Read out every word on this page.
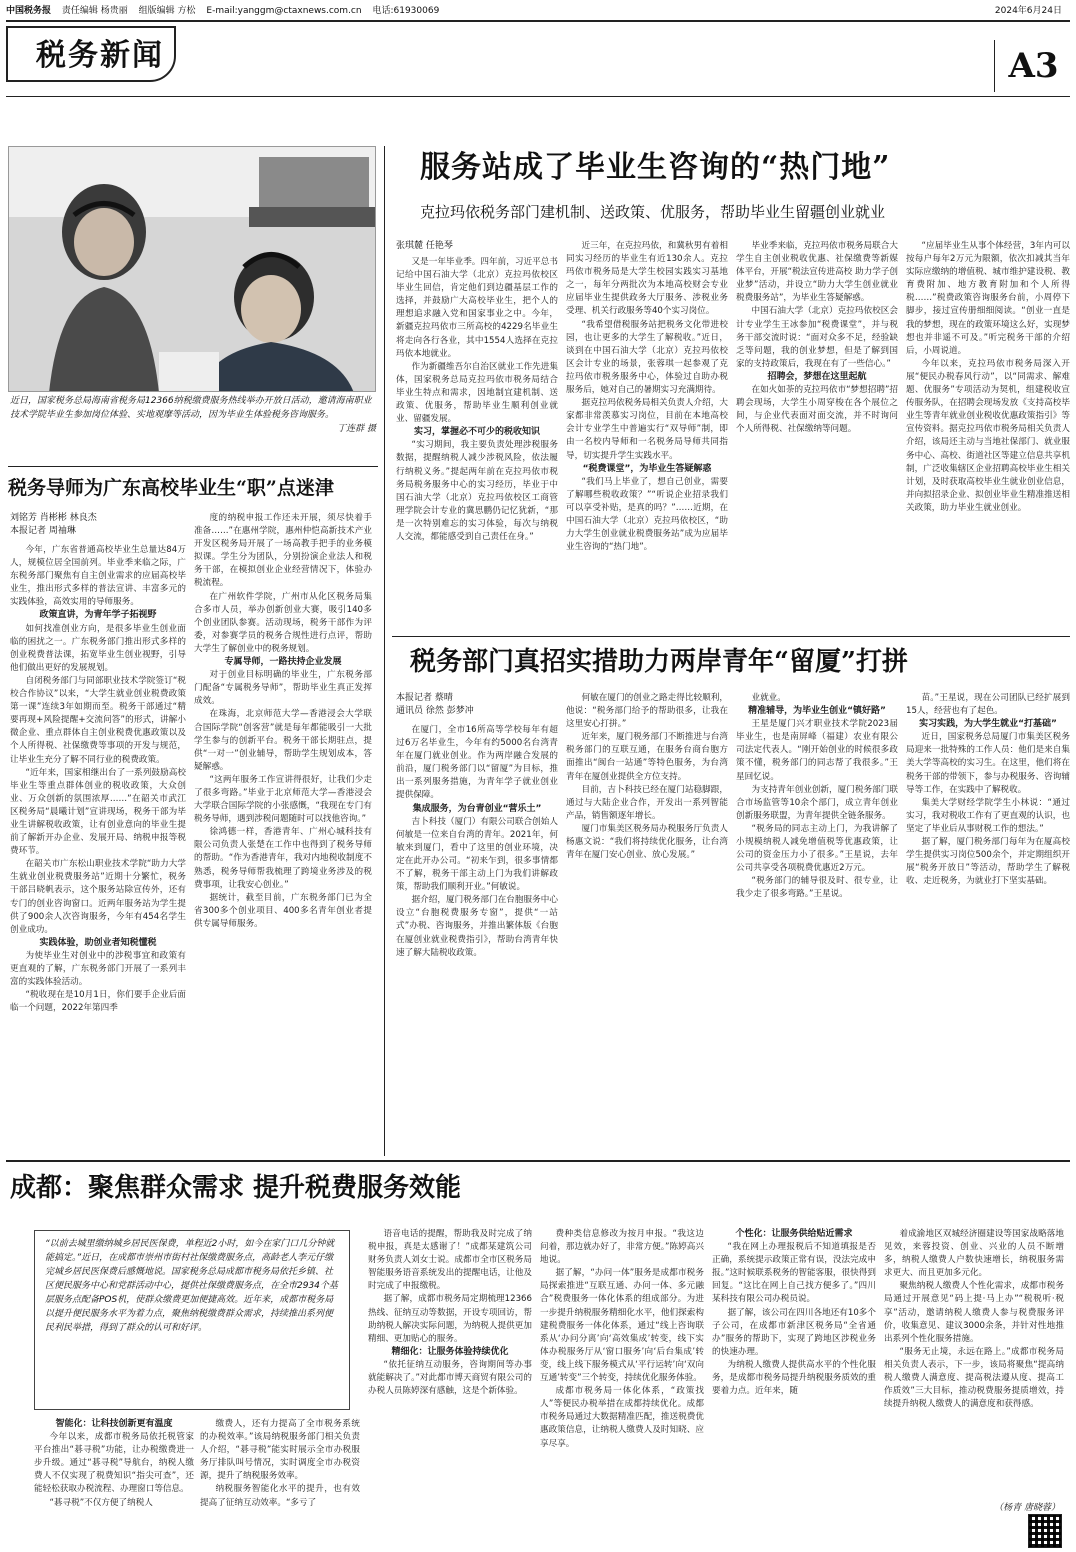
中国税务报 责任编辑 杨贵丽 组版编辑 方松 E-mail:yanggm@ctaxnews.com.cn 电话:61930069	2024年6月24日
税务新闻	A3
近日，国家税务总局海南省税务局12366纳税缴费服务热线举办开放日活动，邀请海南职业技术学院毕业生参加岗位体验、实地观摩等活动，因为毕业生体验税务咨询服务。
丁连群 摄
服务站成了毕业生咨询的“热门地”
克拉玛依税务部门建机制、送政策、优服务，帮助毕业生留疆创业就业
张琪麓 任艳琴

又是一年毕业季。四年前，习近平总书记给中国石油大学（北京）克拉玛依校区毕业生回信，肯定他们到边疆基层工作的选择，并鼓励广大高校毕业生，把个人的理想追求融入党和国家事业之中。今年，新疆克拉玛依市三所高校的4229名毕业生将走向各行各业，其中1554人选择在克拉玛依本地就业。

作为新疆维吾尔自治区就业工作先进集体，国家税务总局克拉玛依市税务局结合毕业生特点和需求，因地制宜建机制、送政策、优服务，帮助毕业生顺利创业就业、留疆发展。

实习，掌握必不可少的税收知识

“实习期间，我主要负责处理涉税服务数据，提醒纳税人减少涉税风险，依法履行纳税义务。”提起两年前在克拉玛依市税务局税务服务中心的实习经历，毕业于中国石油大学（北京）克拉玛依校区工商管理学院会计专业的冀思鹏仍记忆犹新，“那是一次特别难忘的实习体验，每次与纳税人交流，都能感受到自己责任在身。”

近三年，在克拉玛依，和冀秋男有着相同实习经历的毕业生有近130余人。克拉玛依市税务局是大学生校园实践实习基地之一，每年分两批次为本地高校财会专业应届毕业生提供政务大厅服务、涉税业务受理、机关行政服务等40个实习岗位。

“我希望借税服务站把税务文化带进校园，也让更多的大学生了解税收。”近日，谈到在中国石油大学（北京）克拉玛依校区会计专业的场景，张蓉琪一起参观了克拉玛依市税务服务中心，体验过自助办税服务后，她对自己的暑期实习充满期待。

据克拉玛依税务局相关负责人介绍，大家都非常羡慕实习岗位，目前在本地高校会计专业学生中普遍实行“双导师”制，即由一名校内导师和一名税务局导师共同指导，切实提升学生实践水平。

“税费课堂”，为毕业生答疑解惑

“我们马上毕业了，想自己创业，需要了解哪些税收政策？”“听说企业招录我们可以享受补贴，是真的吗？”……近期，在中国石油大学（北京）克拉玛依校区，“助力大学生创业就业税费服务站”成为应届毕业生咨询的“热门地”。

毕业季来临，克拉玛依市税务局联合大学生自主创业税收优惠、社保缴费等新媒体平台，开展“税法宣传进高校 助力学子创业梦”活动，并设立“助力大学生创业就业税费服务站”，为毕业生答疑解惑。

中国石油大学（北京）克拉玛依校区会计专业学生王冰参加“税费课堂”，并与税务干部交流时说：“面对众多不足，经验缺乏等问题，我的创业梦想，但是了解到国家的支持政策后，我现在有了一些信心。”

招聘会，梦想在这里起航

在如火如荼的克拉玛依市“梦想招聘”招聘会现场，大学生小周穿梭在各个展位之间，与企业代表面对面交流，并不时询问个人所得税、社保缴纳等问题。

“应届毕业生从事个体经营，3年内可以按每户每年2万元为限额，依次扣减其当年实际应缴纳的增值税、城市维护建设税、教育费附加、地方教育附加和个人所得税……”税费政策咨询服务台前，小周停下脚步，接过宣传册细细阅读。“创业一直是我的梦想，现在的政策环境这么好，实现梦想也并非遥不可及。”听完税务干部的介绍后，小周说道。

今年以来，克拉玛依市税务局深入开展“便民办税春风行动”，以“同需求、解难题、优服务”专项活动为契机，组建税收宣传服务队，在招聘会现场发放《支持高校毕业生等青年就业创业税收优惠政策指引》等宣传资料。据克拉玛依市税务局相关负责人介绍，该局还主动与当地社保部门、就业服务中心、高校、街道社区等建立信息共享机制，广泛收集辖区企业招聘高校毕业生相关计划，及时获取高校毕业生就业创业信息，并向拟招录企业、拟创业毕业生精准推送相关政策，助力毕业生就业创业。

税务导师为广东高校毕业生“职”点迷津
刘铭芳 肖彬彬 林良杰
本报记者 周袖琳

今年，广东省普通高校毕业生总量达84万人，规模位居全国前列。毕业季来临之际，广东税务部门聚焦有自主创业需求的应届高校毕业生，推出形式多样的普法宣讲、丰富多元的实践体验，高效实用的导师服务。

政策直讲，为青年学子拓视野

如何找准创业方向，是很多毕业生创业面临的困扰之一。广东税务部门推出形式多样的创业税费普法课，拓宽毕业生创业视野，引导他们做出更好的发展规划。

自闭税务部门与同部职业技术学院签订“税校合作协议”以来，“大学生就业创业税费政策第一课”连续3年如期而至。税务干部通过“精要再现+风险提醒+交流问答”的形式，讲解小微企业、重点群体自主创业税费优惠政策以及个人所得税、社保缴费等事项的开发与规范，让毕业生充分了解不同行业的税费政策。

“近年来，国家相继出台了一系列鼓励高校毕业生等重点群体创业的税收政策，大众创业、万众创新的氛围浓厚……”在韶关市武江区税务局“晨曦计划”宣讲现场，税务干部为毕业生讲解税收政策，让有创业意向的毕业生提前了解新开办企业、发展开局、纳税申报等税费环节。

在韶关市广东松山职业技术学院“助力大学生就业创业税费服务站”近期十分繁忙，税务干部吕晓帆表示，这个服务站除宣传外，还有专门的创业咨询窗口。近两年服务站为学生提供了900余人次咨询服务，今年有454名学生创业成功。

实践体验，助创业者知税懂税

为使毕业生对创业中的涉税事宜和政策有更直观的了解，广东税务部门开展了一系列丰富的实践体验活动。

“税收现在是10月1日，你们要手企业后面临一个问题，2022年第四季

度的纳税申报工作还未开展，须尽快着手准备……”在惠州学院，惠州仲恺高新技术产业开发区税务局开展了一场高教手把手的业务模拟课。学生分为团队，分别扮演企业法人和税务干部，在模拟创业企业经营情况下，体验办税流程。

在广州软件学院，广州市从化区税务局集合多市人员，举办创新创业大赛，吸引140多个创业团队参赛。活动现场，税务干部作为评委，对参赛学员的税务合规性进行点评，帮助大学生了解创业中的税务规划。

专属导师，一路扶持企业发展

对于创业目标明确的毕业生，广东税务部门配备“专属税务导师”，帮助毕业生真正发挥成效。

在珠海，北京师范大学—香港浸会大学联合国际学院“创客营”就是每年都能吸引一大批学生参与的创新平台。税务干部长期驻点，提供“一对一”创业辅导，帮助学生规划成本，答疑解惑。

“这两年服务工作宣讲得很好，让我们少走了很多弯路。”毕业于北京师范大学—香港浸会大学联合国际学院的小张感慨，“我现在专门有税务导师，遇到涉税问题随时可以找他咨询。”

徐鸿德一样，香港青年、广州心城科技有限公司负责人张楚在工作中也得到了税务导师的帮助。“作为香港青年，我对内地税收制度不熟悉，税务导师帮我梳理了跨境业务涉及的税费事项，让我安心创业。”

据统计，截至目前，广东税务部门已为全省300多个创业项目、400多名青年创业者提供专属导师服务。

税务部门真招实措助力两岸青年“留厦”打拼
本报记者 蔡晴
通讯员 徐然 彭梦冲

在厦门，全市16所高等学校每年有超过6万名毕业生，今年有约5000名台湾青年在厦门就业创业。作为两岸融合发展的前沿，厦门税务部门以“留厦”为目标，推出一系列服务措施，为青年学子就业创业提供保障。

集成服务，为台青创业“营乐土”

吉卜科技（厦门）有限公司联合创始人何敏是一位来自台湾的青年。2021年，何敏来到厦门，看中了这里的创业环境，决定在此开办公司。“初来乍到，很多事情都不了解，税务干部主动上门为我们讲解政策，帮助我们顺利开业。”何敏说。

据介绍，厦门税务部门在台胞服务中心设立“台胞税费服务专窗”，提供“一站式”办税、咨询服务，并推出繁体版《台胞在厦创业就业税费指引》，帮助台湾青年快速了解大陆税收政策。

何敏在厦门的创业之路走得比较顺利，他说：“税务部门给予的帮助很多，让我在这里安心打拼。”

近年来，厦门税务部门不断推进与台湾税务部门的互联互通，在服务台商台胞方面推出“闽台一站通”等特色服务，为台湾青年在厦创业提供全方位支持。

目前，吉卜科技已经在厦门站稳脚跟，通过与大陆企业合作，开发出一系列智能产品，销售额逐年增长。

厦门市集美区税务局办税服务厅负责人杨惠文说：“我们将持续优化服务，让台湾青年在厦门安心创业、放心发展。”

业就业。

精准辅导，为毕业生创业“镇好路”

王星是厦门兴才职业技术学院2023届毕业生，也是南屏峰（福建）农业有限公司法定代表人。“刚开始创业的时候很多政策不懂，税务部门的同志帮了我很多。”王星回忆说。

为支持青年创业创新，厦门税务部门联合市场监管等10余个部门，成立青年创业创新服务联盟，为青年提供全链条服务。

“税务局的同志主动上门，为我讲解了小规模纳税人减免增值税等优惠政策，让公司的资金压力小了很多。”王星说，去年公司共享受各项税费优惠近2万元。

“税务部门的辅导很及时、很专业，让我少走了很多弯路。”王星说。

苗。”王星说，现在公司团队已经扩展到15人，经营也有了起色。

实习实践，为大学生就业“打基础”

近日，国家税务总局厦门市集美区税务局迎来一批特殊的工作人员：他们是来自集美大学等高校的实习生。在这里，他们将在税务干部的带领下，参与办税服务、咨询辅导等工作，在实践中了解税收。

集美大学财经学院学生小林说：“通过实习，我对税收工作有了更直观的认识，也坚定了毕业后从事财税工作的想法。”

据了解，厦门税务部门每年为在厦高校学生提供实习岗位500余个，并定期组织开展“税务开放日”等活动，帮助学生了解税收、走近税务，为就业打下坚实基础。

成都：聚焦群众需求 提升税费服务效能
“以前去城里缴纳城乡居民医保费，单程近2小时，如今在家门口几分钟就能搞定。”近日，在成都市崇州市街村社保缴费服务点，高龄老人李元仔缴完城乡居民医保费后感慨地说。国家税务总局成都市税务局依托乡镇、社区便民服务中心和党群活动中心，提供社保缴费服务点，在全市2934个基层服务点配备POS机，使群众缴费更加便捷高效。近年来，成都市税务局以提升便民服务水平为着力点，聚焦纳税缴费群众需求，持续推出系列便民利民举措，得到了群众的认可和好评。

智能化：让科技创新更有温度

今年以来，成都市税务局依托税管家平台推出“碁寻税”功能，让办税缴费进一步升级。通过“碁寻税”导航台，纳税人缴费人不仅实现了税费知识“指尖可查”，还能轻松获取办税流程、办理窗口等信息。

“碁寻税”不仅方便了纳税人

缴费人，还有力提高了全市税务系统的办税效率。”该局纳税服务部门相关负责人介绍，“碁寻税”能实时展示全市办税服务厅排队叫号情况，实时调度全市办税资源，提升了纳税服务效率。

纳税服务智能化水平的提升，也有效提高了征纳互动效率。“多亏了

语音电话的提醒，帮助我及时完成了纳税申报，真是太感谢了！”成都某建筑公司财务负责人刘女士说。成都市全市区税务局智能服务语音系统发出的提醒电话，让他及时完成了申报缴税。

据了解，成都市税务局定期梳理12366热线、征纳互动等数据，开设专项回访，帮助纳税人解决实际问题，为纳税人提供更加精细、更加贴心的服务。

精细化：让服务体验持续优化

“依托征纳互动服务，咨询期间等办事就能解决了。”对此都市博天商贸有限公司的办税人员陈婷深有感触，这是个新体验。

费种类信息修改为按月申报。“我这边问着，那边就办好了，非常方便。”陈婷高兴地说。

据了解，“办问一体”服务是成都市税务局探索推进“互联互通、办问一体、多元融合”税费服务一体化体系的组成部分。为进一步提升纳税服务精细化水平，他们探索构建税费服务一体化体系，通过“线上咨询联系从‘办问分离’向‘高效集成’转变，线下实体办税服务厅从‘窗口服务’向‘后台集成’转变，线上线下服务模式从‘平行运转’向‘双向互通’转变”三个转变，持续优化服务体验。

成都市税务局一体化体系，“政策找人”等便民办税举措在成都持续优化。成都市税务局通过大数据精准匹配，推送税费优惠政策信息，让纳税人缴费人及时知晓、应享尽享。

个性化：让服务供给贴近需求

“我在网上办理报税后不知道填报是否正确，系统提示政策正常有误，没法完成申报。”这时候联系税务的智能客服，很快得到回复。“这比在网上自己找方便多了。”四川某科技有限公司办税员说。

据了解，该公司在四川各地还有10多个子公司，在成都市新津区税务局“全省通办”服务的帮助下，实现了跨地区涉税业务的快速办理。

为纳税人缴费人提供高水平的个性化服务，是成都市税务局提升纳税服务质效的重要着力点。近年来，随

着成渝地区双城经济圈建设等国家战略落地见效，来蓉投资、创业、兴业的人员不断增多，纳税人缴费人户数快速增长，纳税服务需求更大、而且更加多元化。

聚焦纳税人缴费人个性化需求，成都市税务局通过开展意见“码上提·马上办”“税税听·税享”活动，邀请纳税人缴费人参与税费服务评价，收集意见、建议3000余条，并针对性地推出系列个性化服务措施。

“服务无止境，永远在路上。”成都市税务局相关负责人表示，下一步，该局将聚焦“提高纳税人缴费人满意度、提高税法遵从度、提高工作质效”三大目标，推动税费服务提质增效，持续提升纳税人缴费人的满意度和获得感。

（杨青 唐晓蓉）
